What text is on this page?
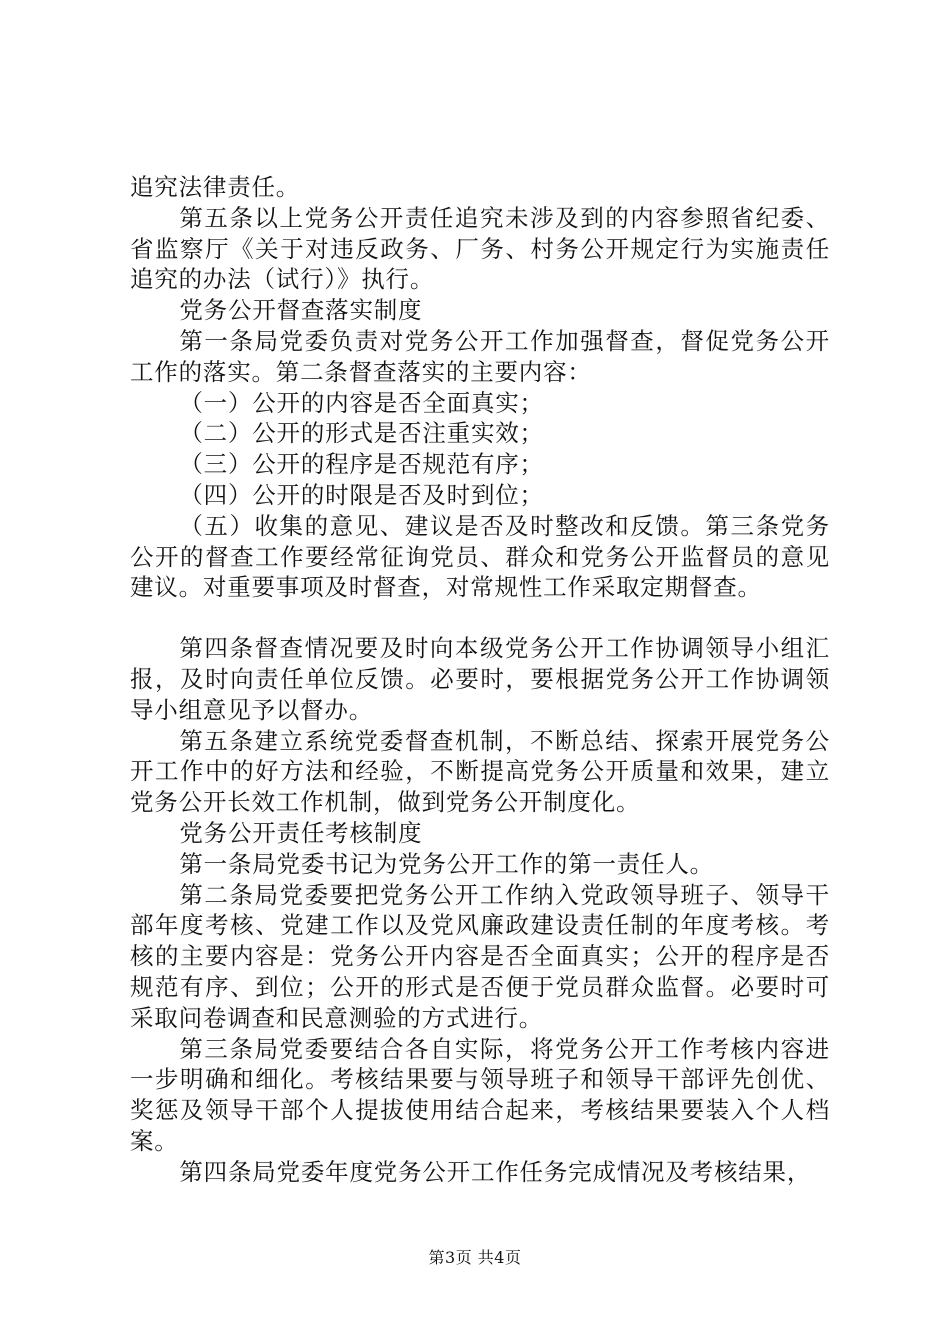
追究法律责任。

第五条以上党务公开责任追究未涉及到的内容参照省纪委、省监察厅《关于对违反政务、厂务、村务公开规定行为实施责任追究的办法（试行）》执行。

党务公开督查落实制度

第一条局党委负责对党务公开工作加强督查，督促党务公开工作的落实。第二条督查落实的主要内容：

（一）公开的内容是否全面真实；

（二）公开的形式是否注重实效；

（三）公开的程序是否规范有序；

（四）公开的时限是否及时到位；

（五）收集的意见、建议是否及时整改和反馈。第三条党务公开的督查工作要经常征询党员、群众和党务公开监督员的意见建议。对重要事项及时督查，对常规性工作采取定期督查。

第四条督查情况要及时向本级党务公开工作协调领导小组汇报，及时向责任单位反馈。必要时，要根据党务公开工作协调领导小组意见予以督办。

第五条建立系统党委督查机制，不断总结、探索开展党务公开工作中的好方法和经验，不断提高党务公开质量和效果，建立党务公开长效工作机制，做到党务公开制度化。

党务公开责任考核制度

第一条局党委书记为党务公开工作的第一责任人。

第二条局党委要把党务公开工作纳入党政领导班子、领导干部年度考核、党建工作以及党风廉政建设责任制的年度考核。考核的主要内容是：党务公开内容是否全面真实；公开的程序是否规范有序、到位；公开的形式是否便于党员群众监督。必要时可采取问卷调查和民意测验的方式进行。

第三条局党委要结合各自实际，将党务公开工作考核内容进一步明确和细化。考核结果要与领导班子和领导干部评先创优、奖惩及领导干部个人提拔使用结合起来，考核结果要装入个人档案。

第四条局党委年度党务公开工作任务完成情况及考核结果，

第3页 共4页
